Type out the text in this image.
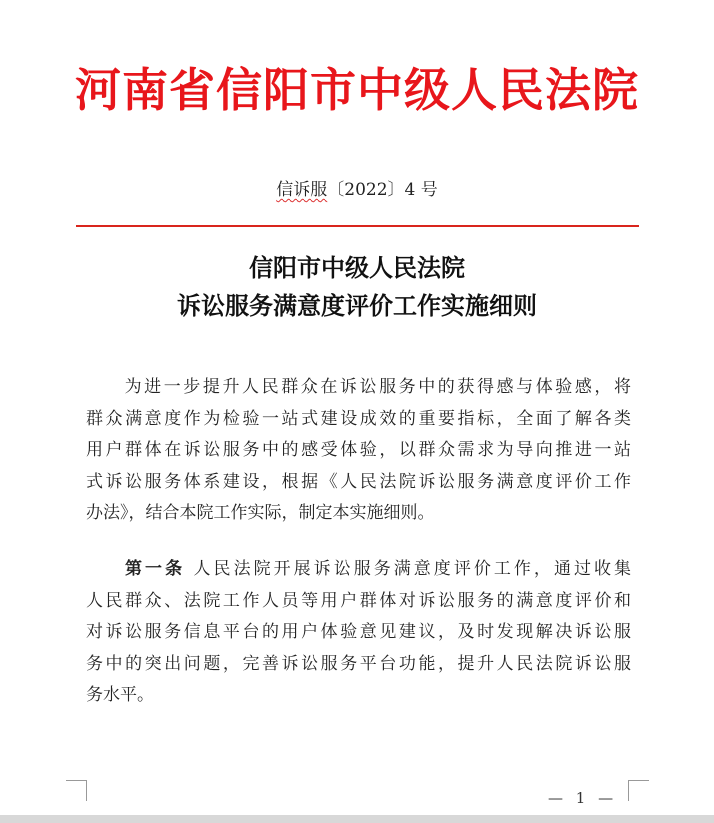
河南省信阳市中级人民法院
信诉服〔2022〕4 号
信阳市中级人民法院
诉讼服务满意度评价工作实施细则
为进一步提升人民群众在诉讼服务中的获得感与体验感，将
群众满意度作为检验一站式建设成效的重要指标，全面了解各类
用户群体在诉讼服务中的感受体验，以群众需求为导向推进一站
式诉讼服务体系建设，根据《人民法院诉讼服务满意度评价工作
办法》，结合本院工作实际，制定本实施细则。
第一条 人民法院开展诉讼服务满意度评价工作，通过收集
人民群众、法院工作人员等用户群体对诉讼服务的满意度评价和
对诉讼服务信息平台的用户体验意见建议，及时发现解决诉讼服
务中的突出问题，完善诉讼服务平台功能，提升人民法院诉讼服
务水平。
— 1 —
